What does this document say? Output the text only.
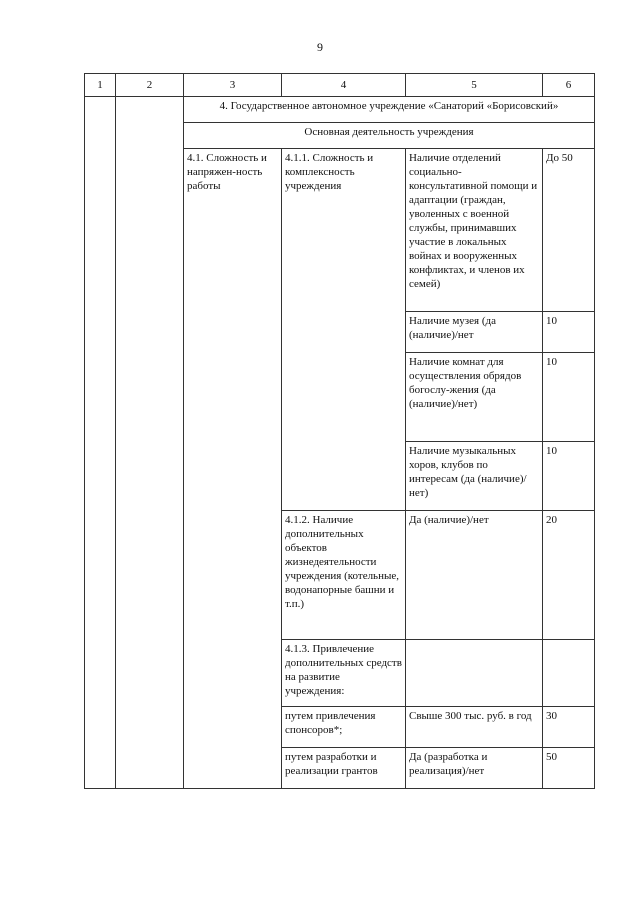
9
1	2	3	4	5	6
		4. Государственное автономное учреждение «Санаторий «Борисовский»			
		Основная деятельность учреждения			
		4.1. Сложность и напряжен-ность работы	4.1.1. Сложность и комплексность учреждения	Наличие отделений социально-консультативной помощи и адаптации (граждан, уволенных с военной службы, принимавших участие в локальных войнах и вооруженных конфликтах, и членов их семей)	До 50
				Наличие музея (да (наличие)/нет	10
				Наличие комнат для осуществления обрядов богослу-жения (да (наличие)/нет)	10
				Наличие музыкальных хоров, клубов по интересам (да (наличие)/нет)	10
			4.1.2. Наличие дополнительных объектов жизнедеятельности учреждения (котельные, водонапорные башни и т.п.)	Да (наличие)/нет	20
			4.1.3. Привлечение дополнительных средств на развитие учреждения:		
			путем привлечения спонсоров*;	Свыше 300 тыс. руб. в год	30
			путем разработки и реализации грантов	Да (разработка и реализация)/нет	50
